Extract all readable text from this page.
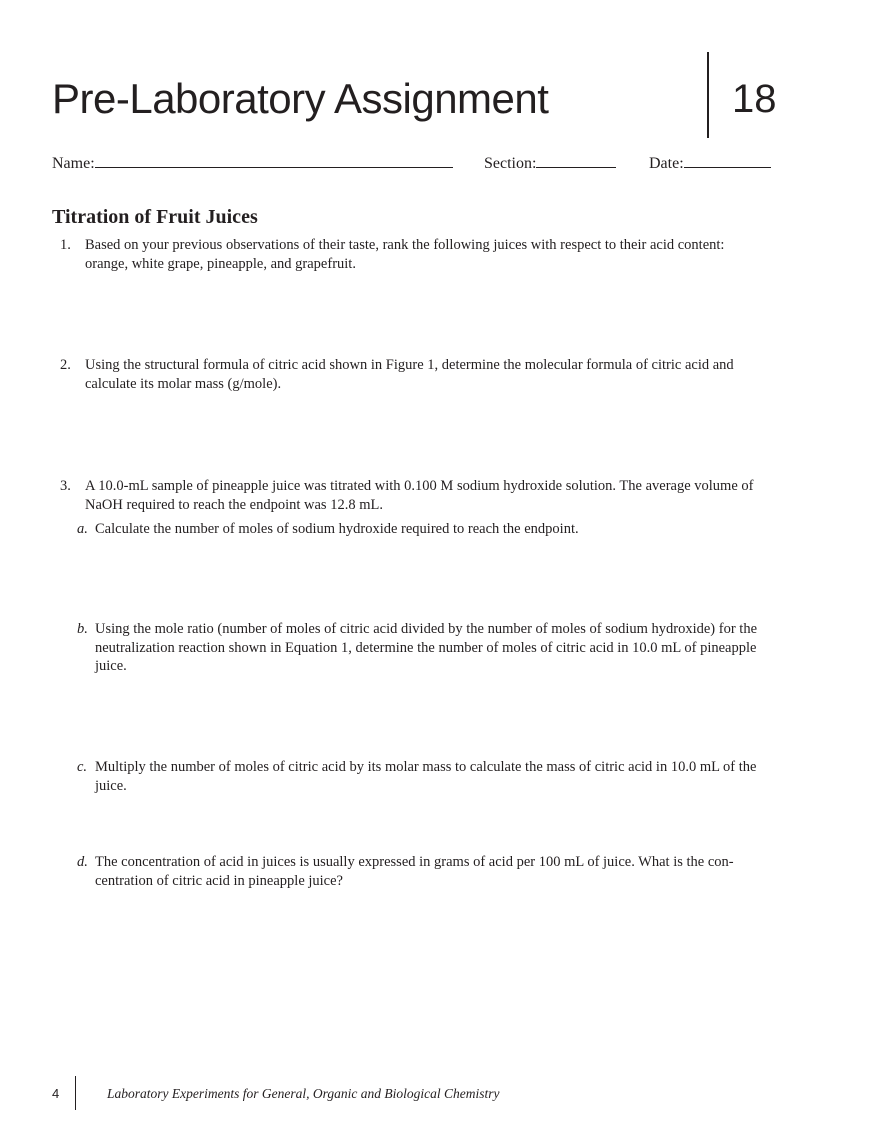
Pre-Laboratory Assignment	18
Name:	Section:	Date:
Titration of Fruit Juices
1. Based on your previous observations of their taste, rank the following juices with respect to their acid content: orange, white grape, pineapple, and grapefruit.
2. Using the structural formula of citric acid shown in Figure 1, determine the molecular formula of citric acid and calculate its molar mass (g/mole).
3. A 10.0-mL sample of pineapple juice was titrated with 0.100 M sodium hydroxide solution. The average volume of NaOH required to reach the endpoint was 12.8 mL.
a. Calculate the number of moles of sodium hydroxide required to reach the endpoint.
b. Using the mole ratio (number of moles of citric acid divided by the number of moles of sodium hydroxide) for the neutralization reaction shown in Equation 1, determine the number of moles of citric acid in 10.0 mL of pineapple juice.
c. Multiply the number of moles of citric acid by its molar mass to calculate the mass of citric acid in 10.0 mL of the juice.
d. The concentration of acid in juices is usually expressed in grams of acid per 100 mL of juice. What is the con-centration of citric acid in pineapple juice?
4	Laboratory Experiments for General, Organic and Biological Chemistry
